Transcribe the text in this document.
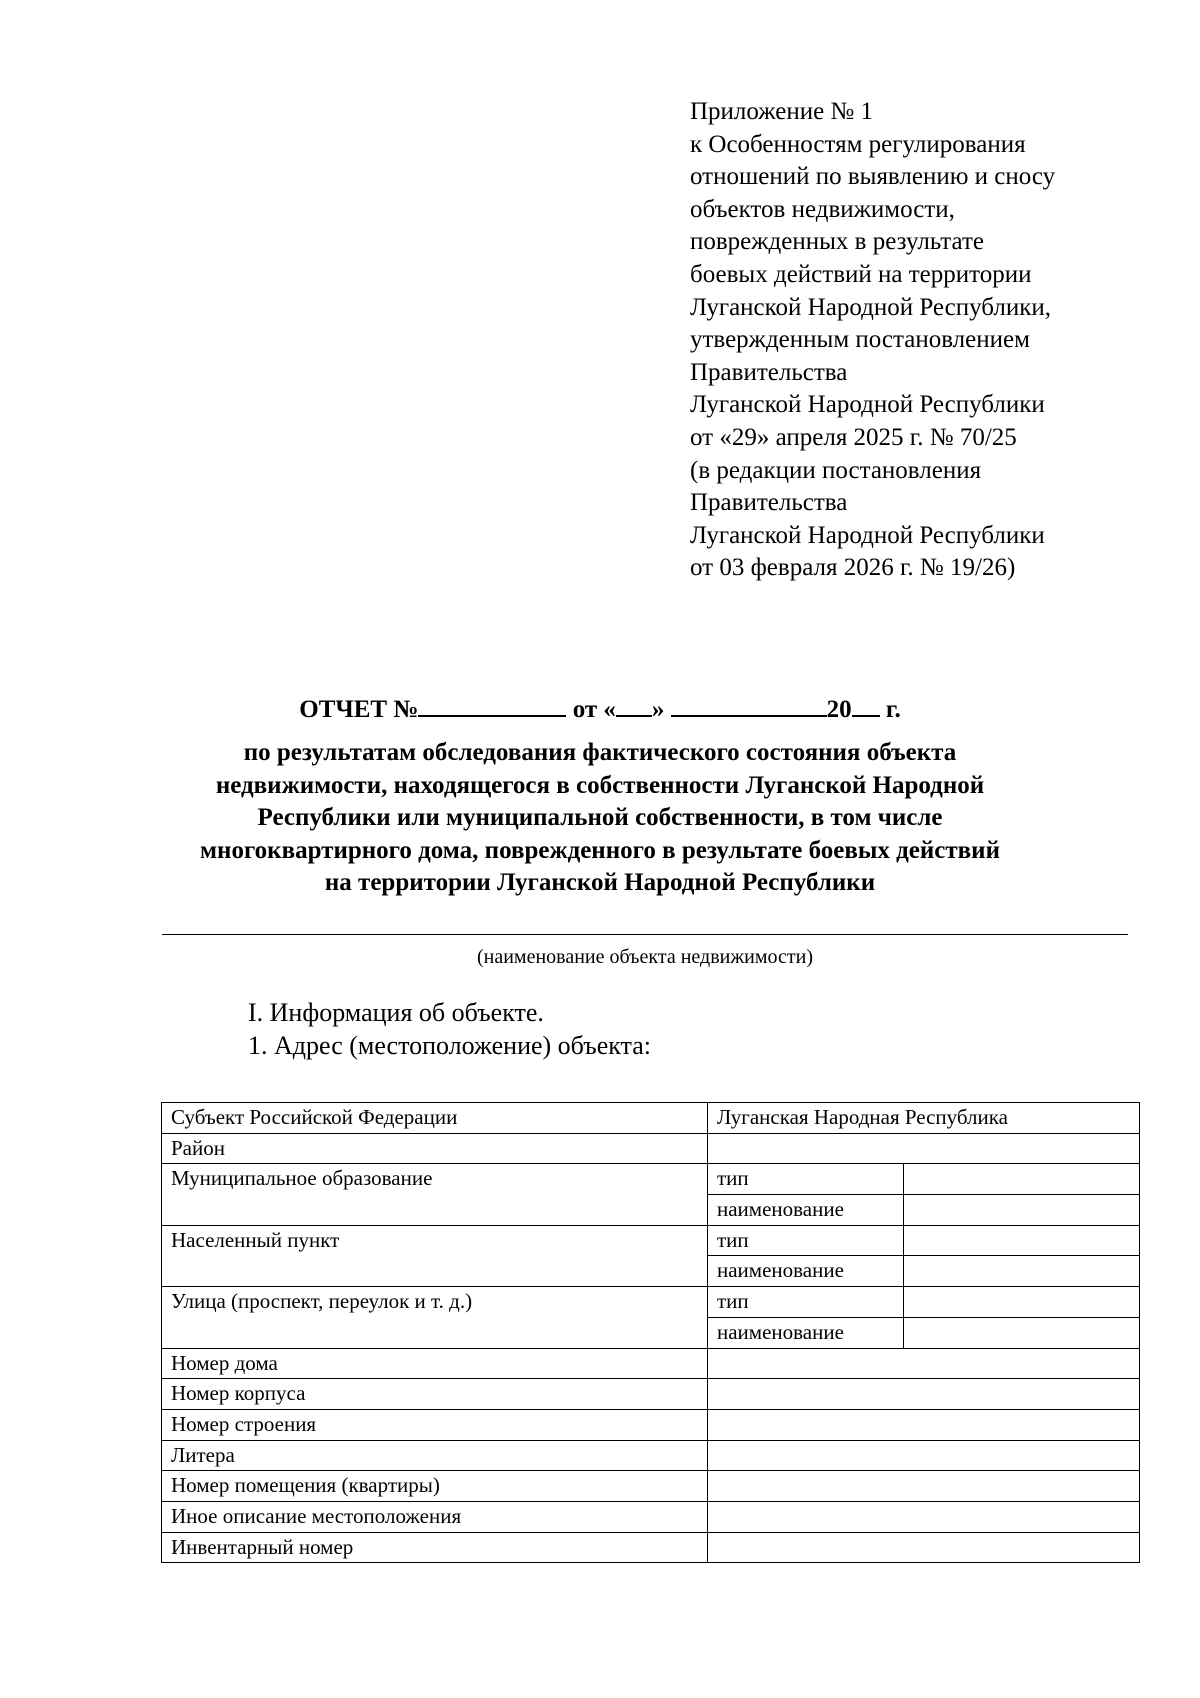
Приложение № 1
к Особенностям регулирования
отношений по выявлению и сносу
объектов недвижимости,
поврежденных в результате
боевых действий на территории
Луганской Народной Республики,
утвержденным постановлением
Правительства
Луганской Народной Республики
от «29» апреля 2025 г. № 70/25
(в редакции постановления
Правительства
Луганской Народной Республики
от 03 февраля 2026 г. № 19/26)
ОТЧЕТ №	от « »	20 г.
по результатам обследования фактического состояния объекта
недвижимости, находящегося в собственности Луганской Народной
Республики или муниципальной собственности, в том числе
многоквартирного дома, поврежденного в результате боевых действий
на территории Луганской Народной Республики
(наименование объекта недвижимости)
I. Информация об объекте.
1. Адрес (местоположение) объекта:
Субъект Российской Федерации	Луганская Народная Республика	
Район		
Муниципальное образование	тип	
	наименование	
Населенный пункт	тип	
	наименование	
Улица (проспект, переулок и т. д.)	тип	
	наименование	
Номер дома		
Номер корпуса		
Номер строения		
Литера		
Номер помещения (квартиры)		
Иное описание местоположения		
Инвентарный номер		
